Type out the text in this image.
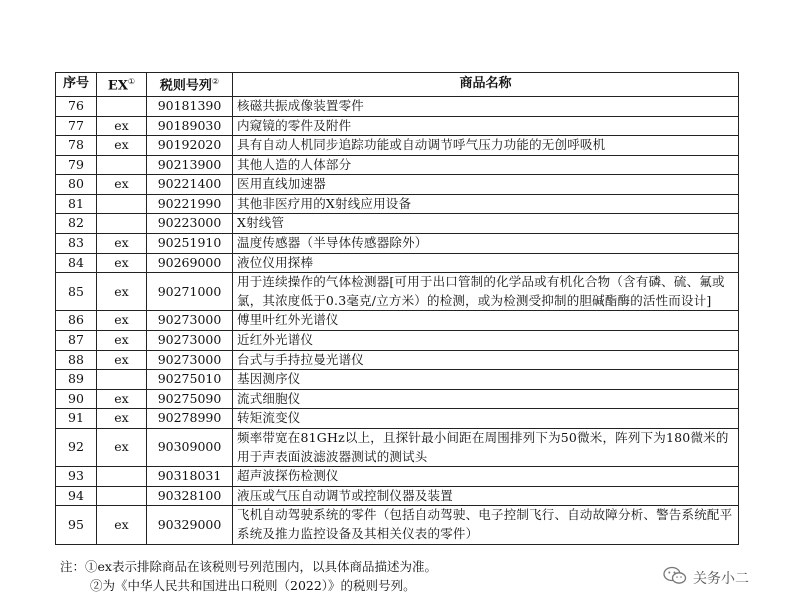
序号	EX①	税则号列②	商品名称
76		90181390	核磁共振成像装置零件
77	ex	90189030	内窥镜的零件及附件
78	ex	90192020	具有自动人机同步追踪功能或自动调节呼气压力功能的无创呼吸机
79		90213900	其他人造的人体部分
80	ex	90221400	医用直线加速器
81		90221990	其他非医疗用的X射线应用设备
82		90223000	X射线管
83	ex	90251910	温度传感器（半导体传感器除外）
84	ex	90269000	液位仪用探棒
85	ex	90271000	用于连续操作的气体检测器[可用于出口管制的化学品或有机化合物（含有磷、硫、氟或氯，其浓度低于0.3毫克/立方米）的检测，或为检测受抑制的胆碱酯酶的活性而设计]
86	ex	90273000	傅里叶红外光谱仪
87	ex	90273000	近红外光谱仪
88	ex	90273000	台式与手持拉曼光谱仪
89		90275010	基因测序仪
90	ex	90275090	流式细胞仪
91	ex	90278990	转矩流变仪
92	ex	90309000	频率带宽在81GHz以上，且探针最小间距在周围排列下为50微米，阵列下为180微米的用于声表面波滤波器测试的测试头
93		90318031	超声波探伤检测仪
94		90328100	液压或气压自动调节或控制仪器及装置
95	ex	90329000	飞机自动驾驶系统的零件（包括自动驾驶、电子控制飞行、自动故障分析、警告系统配平系统及推力监控设备及其相关仪表的零件）
注：①ex表示排除商品在该税则号列范围内，以具体商品描述为准。
②为《中华人民共和国进出口税则（2022）》的税则号列。	关务小二
